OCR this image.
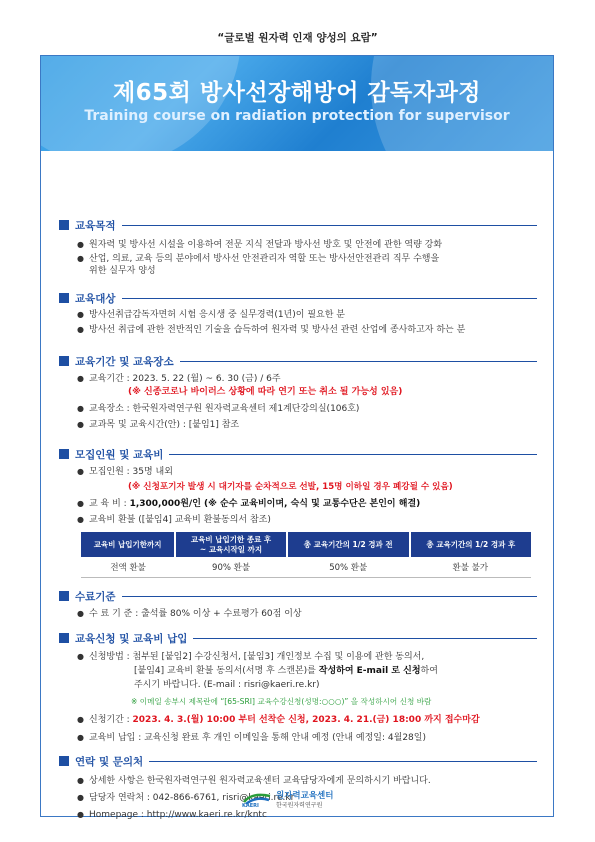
“글로벌 원자력 인재 양성의 요람”
제65회 방사선장해방어 감독자과정
Training course on radiation protection for supervisor
교육목적
● 원자력 및 방사선 시설을 이용하여 전문 지식 전달과 방사선 방호 및 안전에 관한 역량 강화
● 산업, 의료, 교육 등의 분야에서 방사선 안전관리자 역할 또는 방사선안전관리 직무 수행을
위한 실무자 양성
교육대상
● 방사선취급감독자면허 시험 응시생 중 실무경력(1년)이 필요한 분
● 방사선 취급에 관한 전반적인 기술을 습득하여 원자력 및 방사선 관련 산업에 종사하고자 하는 분
교육기간 및 교육장소
● 교육기간 : 2023. 5. 22 (월) ~ 6. 30 (금) / 6주
(※ 신종코로나 바이러스 상황에 따라 연기 또는 취소 될 가능성 있음)
● 교육장소 : 한국원자력연구원 원자력교육센터 제1계단강의실(106호)
● 교과목 및 교육시간(안) : [붙임1] 참조
모집인원 및 교육비
● 모집인원 : 35명 내외
(※ 신청포기자 발생 시 대기자를 순차적으로 선발, 15명 이하일 경우 폐강될 수 있음)
● 교 육 비 : 1,300,000원/인 (※ 순수 교육비이며, 숙식 및 교통수단은 본인이 해결)
● 교육비 환불 ([붙임4] 교육비 환불동의서 참조)
교육비 납입기한까지	교육비 납입기한 종료 후
~ 교육시작일 까지	총 교육기간의 1/2 경과 전	총 교육기간의 1/2 경과 후
전액 환불	90% 환불	50% 환불	환불 불가
수료기준
● 수 료 기 준 : 출석률 80% 이상 + 수료평가 60점 이상
교육신청 및 교육비 납입
● 신청방법 : 첨부된 [붙임2] 수강신청서, [붙임3] 개인정보 수집 및 이용에 관한 동의서,
[붙임4] 교육비 환불 동의서(서명 후 스캔본)를 작성하여 E-mail 로 신청하여
주시기 바랍니다. (E-mail : risri@kaeri.re.kr)
※ 이메일 송부시 제목란에 “[65-SRI] 교육수강신청(성명:○○○)” 을 작성하시어 신청 바람
● 신청기간 : 2023. 4. 3.(월) 10:00 부터 선착순 신청, 2023. 4. 21.(금) 18:00 까지 접수마감
● 교육비 납입 : 교육신청 완료 후 개인 이메일을 통해 안내 예정 (안내 예정일: 4월28일)
연락 및 문의처
● 상세한 사항은 한국원자력연구원 원자력교육센터 교육담당자에게 문의하시기 바랍니다.
● 담당자 연락처 : 042-866-6761, risri@kaeri.re.kr
● Homepage : http://www.kaeri.re.kr/kntc
KAERI
원자력교육센터
한국원자력연구원
